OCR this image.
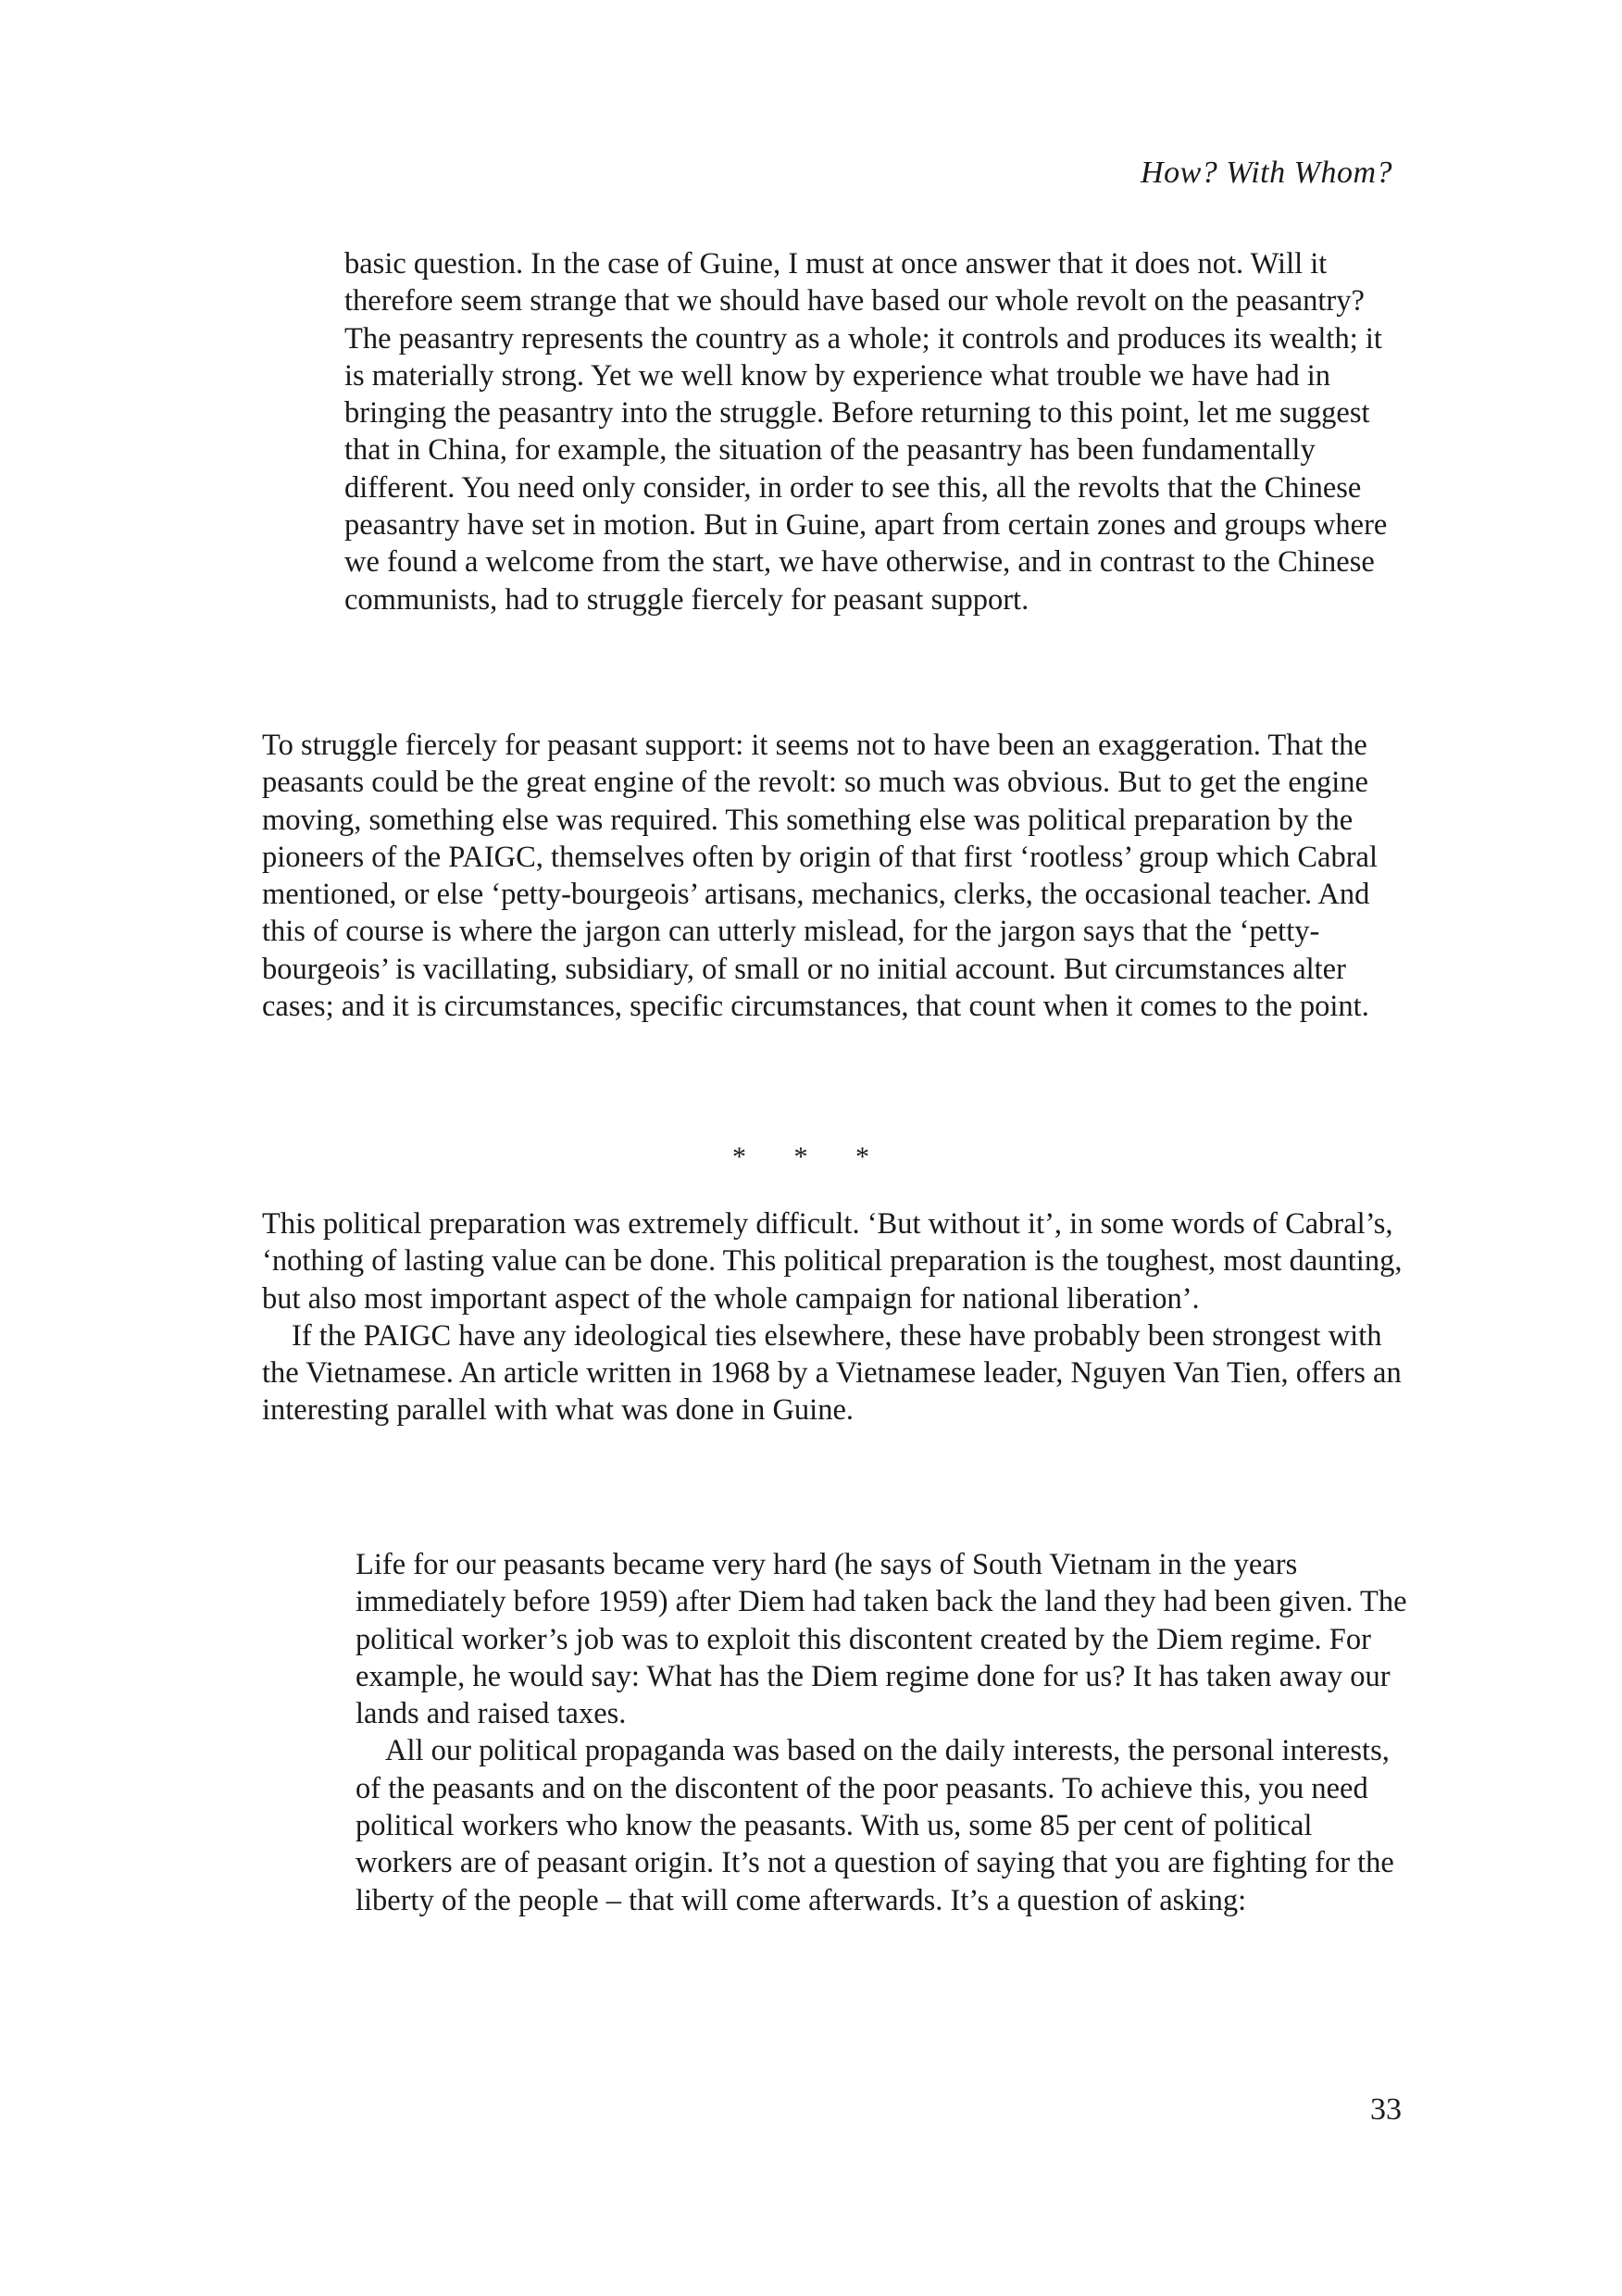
How? With Whom?

basic question. In the case of Guine, I must at once answer that it does not. Will it therefore seem strange that we should have based our whole revolt on the peasantry? The peasantry represents the country as a whole; it controls and produces its wealth; it is materially strong. Yet we well know by experience what trouble we have had in bringing the peasantry into the struggle. Before returning to this point, let me suggest that in China, for example, the situation of the peasantry has been fundamentally different. You need only consider, in order to see this, all the revolts that the Chinese peasantry have set in motion. But in Guine, apart from certain zones and groups where we found a welcome from the start, we have otherwise, and in contrast to the Chinese communists, had to struggle fiercely for peasant support.

To struggle fiercely for peasant support: it seems not to have been an exaggeration. That the peasants could be the great engine of the revolt: so much was obvious. But to get the engine moving, something else was required. This something else was political preparation by the pioneers of the PAIGC, themselves often by origin of that first ‘rootless’ group which Cabral mentioned, or else ‘petty-bourgeois’ artisans, mechanics, clerks, the occasional teacher. And this of course is where the jargon can utterly mislead, for the jargon says that the ‘petty-bourgeois’ is vacillating, subsidiary, of small or no initial account. But circumstances alter cases; and it is circumstances, specific circumstances, that count when it comes to the point.

* * *

This political preparation was extremely difficult. ‘But without it’, in some words of Cabral’s, ‘nothing of lasting value can be done. This political preparation is the toughest, most daunting, but also most important aspect of the whole campaign for national liberation’.

If the PAIGC have any ideological ties elsewhere, these have probably been strongest with the Vietnamese. An article written in 1968 by a Vietnamese leader, Nguyen Van Tien, offers an interesting parallel with what was done in Guine.

Life for our peasants became very hard (he says of South Vietnam in the years immediately before 1959) after Diem had taken back the land they had been given. The political worker’s job was to exploit this discontent created by the Diem regime. For example, he would say: What has the Diem regime done for us? It has taken away our lands and raised taxes.

All our political propaganda was based on the daily interests, the personal interests, of the peasants and on the discontent of the poor peasants. To achieve this, you need political workers who know the peasants. With us, some 85 per cent of political workers are of peasant origin. It’s not a question of saying that you are fighting for the liberty of the people – that will come afterwards. It’s a question of asking:

33
